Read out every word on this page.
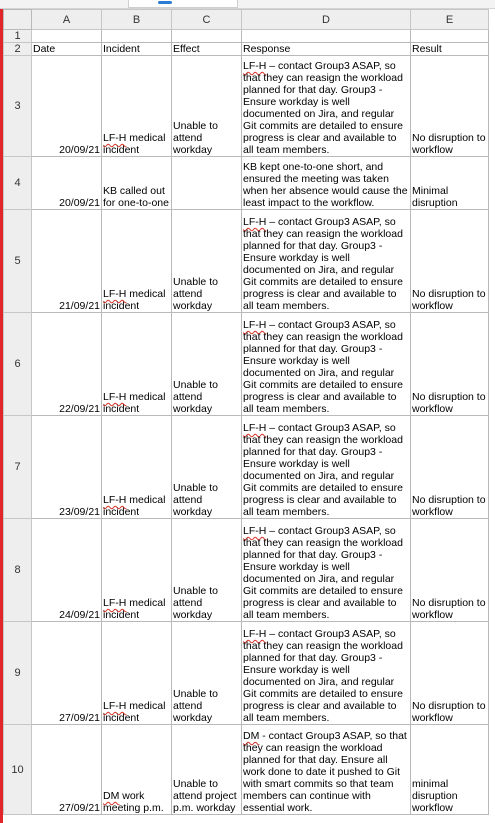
	A	B	C	D	E
1					
2	Date	Incident	Effect	Response	Result
3	20/09/21	LF-H medical incident	Unable to attend workday	LF-H – contact Group3 ASAP, so that they can reasign the workload planned for that day. Group3 - Ensure workday is well documented on Jira, and regular Git commits are detailed to ensure progress is clear and available to all team members.	No disruption to workflow

4	20/09/21	KB called out for one-to-one		KB kept one-to-one short, and ensured the meeting was taken when her absence would cause the least impact to the workflow.	Minimal disruption

5	21/09/21	LF-H medical incident	Unable to attend workday	LF-H – contact Group3 ASAP, so that they can reasign the workload planned for that day. Group3 - Ensure workday is well documented on Jira, and regular Git commits are detailed to ensure progress is clear and available to all team members.	No disruption to workflow

6	22/09/21	LF-H medical incident	Unable to attend workday	LF-H – contact Group3 ASAP, so that they can reasign the workload planned for that day. Group3 - Ensure workday is well documented on Jira, and regular Git commits are detailed to ensure progress is clear and available to all team members.	No disruption to workflow

7	23/09/21	LF-H medical incident	Unable to attend workday	LF-H – contact Group3 ASAP, so that they can reasign the workload planned for that day. Group3 - Ensure workday is well documented on Jira, and regular Git commits are detailed to ensure progress is clear and available to all team members.	No disruption to workflow

8	24/09/21	LF-H medical incident	Unable to attend workday	LF-H – contact Group3 ASAP, so that they can reasign the workload planned for that day. Group3 - Ensure workday is well documented on Jira, and regular Git commits are detailed to ensure progress is clear and available to all team members.	No disruption to workflow

9	27/09/21	LF-H medical incident	Unable to attend workday	LF-H – contact Group3 ASAP, so that they can reasign the workload planned for that day. Group3 - Ensure workday is well documented on Jira, and regular Git commits are detailed to ensure progress is clear and available to all team members.	No disruption to workflow

10	27/09/21	DM work meeting p.m.	Unable to attend project p.m. workday	DM - contact Group3 ASAP, so that they can reasign the workload planned for that day. Ensure all work done to date it pushed to Git with smart commits so that team members can continue with essential work.	minimal disruption workflow
